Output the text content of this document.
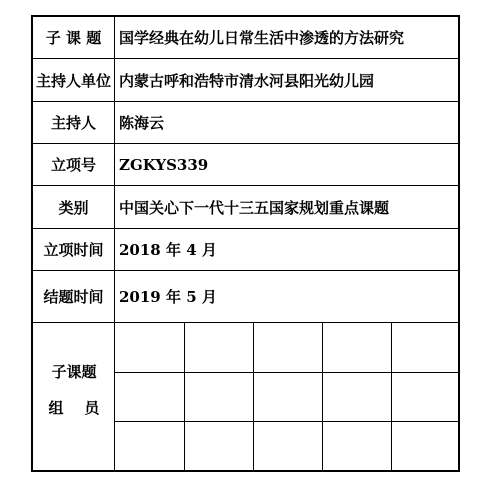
子 课 题	国学经典在幼儿日常生活中渗透的方法研究
主持人单位 内蒙古呼和浩特市清水河县阳光幼儿园
主持人	陈海云
立项号	ZGKYS339
类别	中国关心下一代十三五国家规划重点课题
立项时间	2018 年 4 月
结题时间	2019 年 5 月
子课题
组    员
